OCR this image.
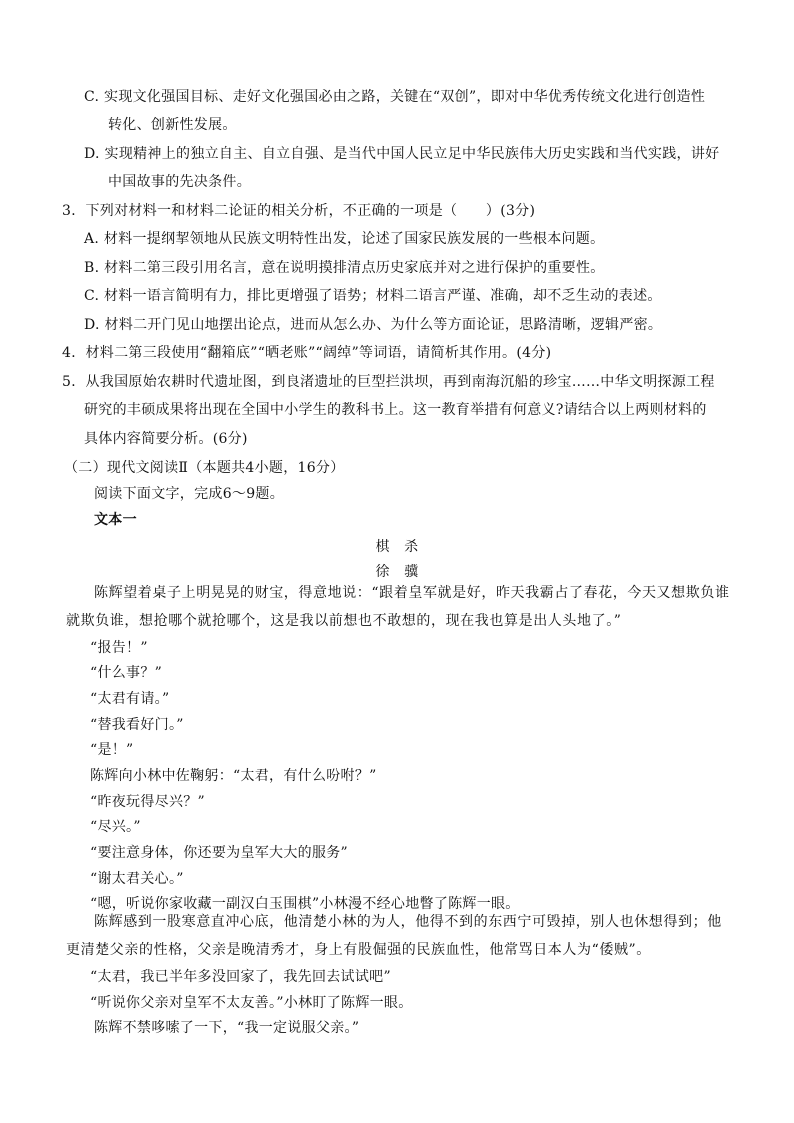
C. 实现文化强国目标、走好文化强国必由之路，关键在“双创”，即对中华优秀传统文化进行创造性
转化、创新性发展。
D. 实现精神上的独立自主、自立自强、是当代中国人民立足中华民族伟大历史实践和当代实践，讲好
中国故事的先决条件。
3．下列对材料一和材料二论证的相关分析，不正确的一项是（　　）(3分)
A. 材料一提纲挈领地从民族文明特性出发，论述了国家民族发展的一些根本问题。
B. 材料二第三段引用名言，意在说明摸排清点历史家底并对之进行保护的重要性。
C. 材料一语言简明有力，排比更增强了语势；材料二语言严谨、准确，却不乏生动的表述。
D. 材料二开门见山地摆出论点，进而从怎么办、为什么等方面论证，思路清晰，逻辑严密。
4．材料二第三段使用“翻箱底”“晒老账”“阔绰”等词语，请简析其作用。(4分)
5．从我国原始农耕时代遗址图，到良渚遗址的巨型拦洪坝，再到南海沉船的珍宝……中华文明探源工程
研究的丰硕成果将出现在全国中小学生的教科书上。这一教育举措有何意义?请结合以上两则材料的
具体内容简要分析。(6分)
（二）现代文阅读Ⅱ（本题共4小题，16分）
阅读下面文字，完成6～9题。
文本一
棋　杀
徐　骥
陈辉望着桌子上明晃晃的财宝，得意地说：“跟着皇军就是好，昨天我霸占了春花，今天又想欺负谁就欺负谁，想抢哪个就抢哪个，这是我以前想也不敢想的，现在我也算是出人头地了。”
“报告！”
“什么事？”
“太君有请。”
“替我看好门。”
“是！”
陈辉向小林中佐鞠躬：“太君，有什么吩咐？”
“昨夜玩得尽兴？”
“尽兴。”
“要注意身体，你还要为皇军大大的服务”
“谢太君关心。”
“嗯，听说你家收藏一副汉白玉围棋”小林漫不经心地瞥了陈辉一眼。
陈辉感到一股寒意直冲心底，他清楚小林的为人，他得不到的东西宁可毁掉，别人也休想得到；他更清楚父亲的性格，父亲是晚清秀才，身上有股倔强的民族血性，他常骂日本人为“倭贼”。
“太君，我已半年多没回家了，我先回去试试吧”
“听说你父亲对皇军不太友善。”小林盯了陈辉一眼。
陈辉不禁哆嗦了一下，“我一定说服父亲。”
